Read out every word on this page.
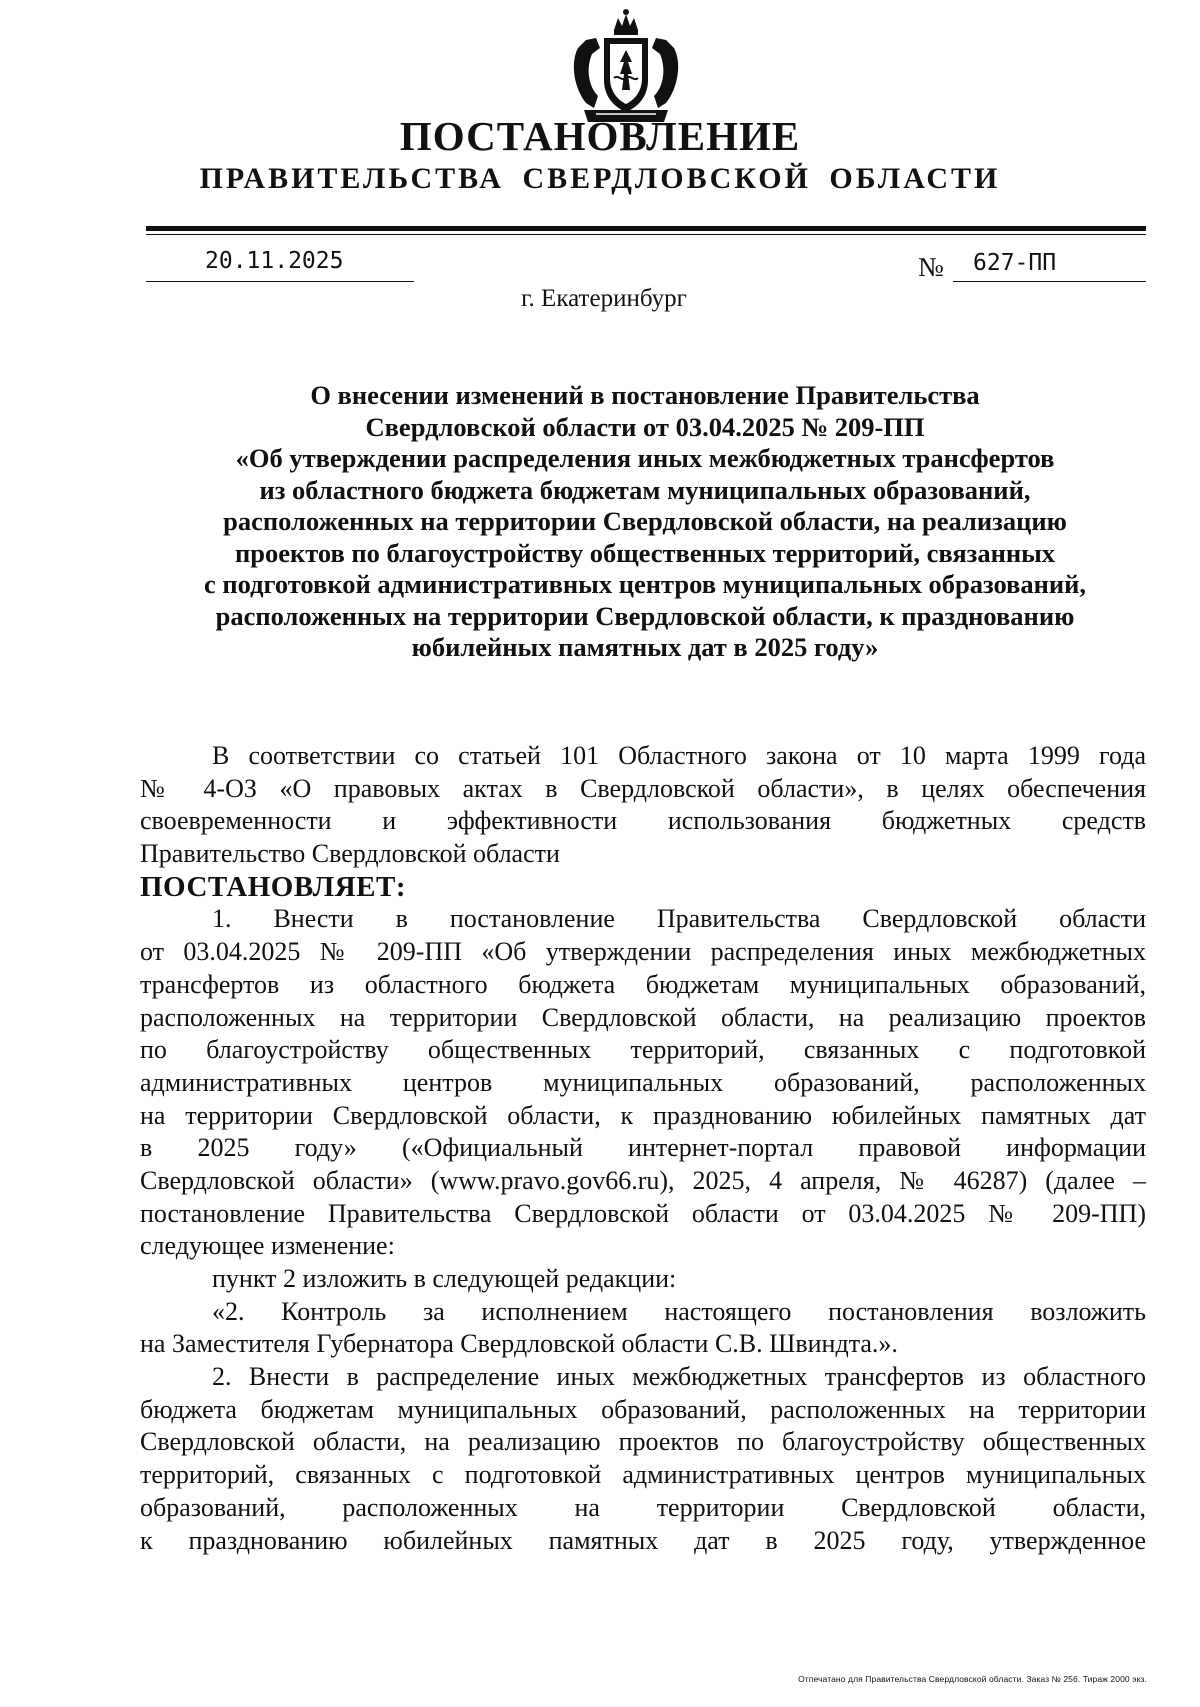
ПОСТАНОВЛЕНИЕ
ПРАВИТЕЛЬСТВА СВЕРДЛОВСКОЙ ОБЛАСТИ
20.11.2025	№ 627-ПП
г. Екатеринбург
О внесении изменений в постановление Правительства
Свердловской области от 03.04.2025 № 209-ПП
«Об утверждении распределения иных межбюджетных трансфертов
из областного бюджета бюджетам муниципальных образований,
расположенных на территории Свердловской области, на реализацию
проектов по благоустройству общественных территорий, связанных
с подготовкой административных центров муниципальных образований,
расположенных на территории Свердловской области, к празднованию
юбилейных памятных дат в 2025 году»
В соответствии со статьей 101 Областного закона от 10 марта 1999 года
№ 4-ОЗ «О правовых актах в Свердловской области», в целях обеспечения
своевременности и эффективности использования бюджетных средств
Правительство Свердловской области
ПОСТАНОВЛЯЕТ:
1. Внести в постановление Правительства Свердловской области
от 03.04.2025 № 209-ПП «Об утверждении распределения иных межбюджетных
трансфертов из областного бюджета бюджетам муниципальных образований,
расположенных на территории Свердловской области, на реализацию проектов
по благоустройству общественных территорий, связанных с подготовкой
административных центров муниципальных образований, расположенных
на территории Свердловской области, к празднованию юбилейных памятных дат
в 2025 году» («Официальный интернет-портал правовой информации
Свердловской области» (www.pravo.gov66.ru), 2025, 4 апреля, № 46287) (далее –
постановление Правительства Свердловской области от 03.04.2025 № 209-ПП)
следующее изменение:
пункт 2 изложить в следующей редакции:
«2. Контроль за исполнением настоящего постановления возложить
на Заместителя Губернатора Свердловской области С.В. Швиндта.».
2. Внести в распределение иных межбюджетных трансфертов из областного
бюджета бюджетам муниципальных образований, расположенных на территории
Свердловской области, на реализацию проектов по благоустройству общественных
территорий, связанных с подготовкой административных центров муниципальных
образований, расположенных на территории Свердловской области,
к празднованию юбилейных памятных дат в 2025 году, утвержденное
Отпечатано для Правительства Свердловской области. Заказ № 256. Тираж 2000 экз.
